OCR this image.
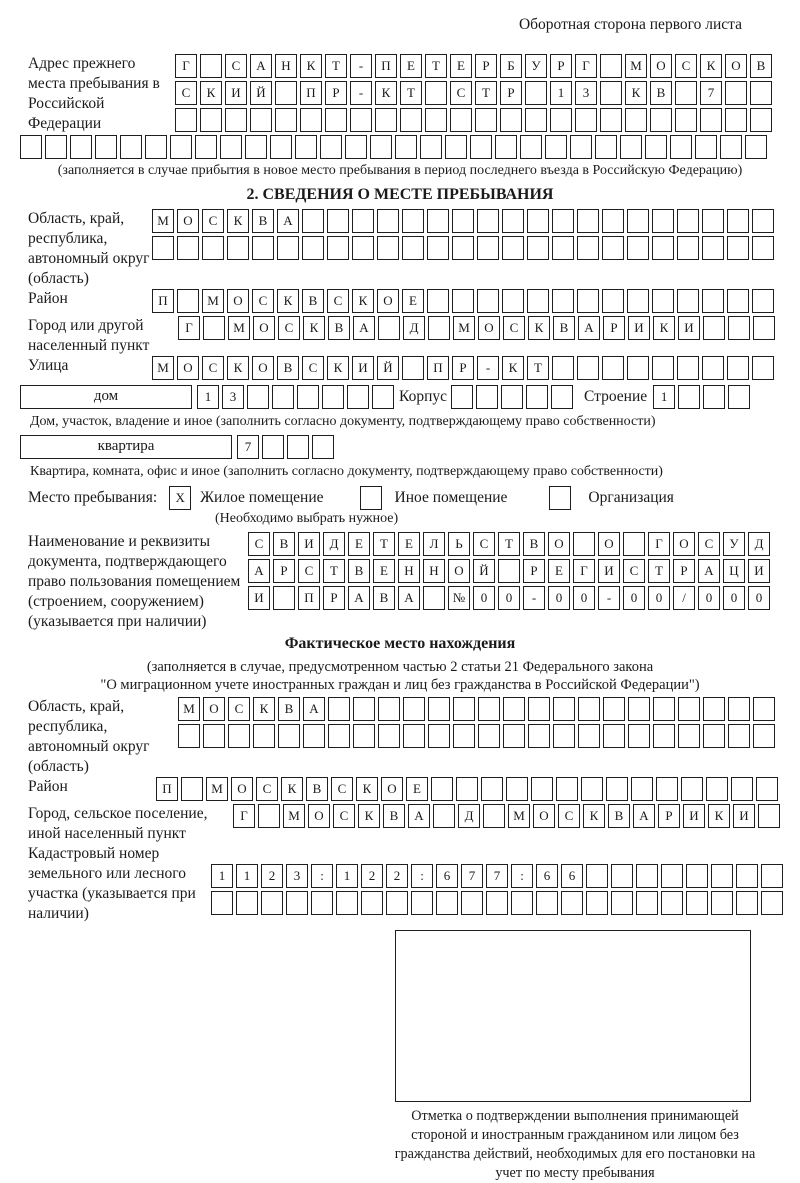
Оборотная сторона первого листа
Адрес прежнего места пребывания в Российской Федерации
Г	С А Н К Т - П Е Т Е Р Б У Р Г	М О С К О В
С К И Й	П Р - К Т	С Т Р	1 3	К В	7
(заполняется в случае прибытия в новое место пребывания в период последнего въезда в Российскую Федерацию)
2. СВЕДЕНИЯ О МЕСТЕ ПРЕБЫВАНИЯ
Область, край, республика, автономный округ (область)
М О С К В А
Район	П	М О С К В С К О Е
Город или другой населенный пункт
Г	М О С К В А	Д	М О С К В А Р И К И
Улица	М О С К О В С К И Й	П Р - К Т
дом	1 3	Корпус	Строение	1
Дом, участок, владение и иное (заполнить согласно документу, подтверждающему право собственности)
квартира	7
Квартира, комната, офис и иное (заполнить согласно документу, подтверждающему право собственности)
Место пребывания:	X Жилое помещение	Иное помещение	Организация
(Необходимо выбрать нужное)
Наименование и реквизиты документа, подтверждающего право пользования помещением (строением, сооружением) (указывается при наличии)
С В И Д Е Т Е Л Ь С Т В О	О	Г О С У Д
А Р С Т В Е Н Н О Й	Р Е Г И С Т Р А Ц И
И	П Р А В А	№ 0 0 - 0 0 - 0 0 / 0 0 0
Фактическое место нахождения
(заполняется в случае, предусмотренном частью 2 статьи 21 Федерального закона
"О миграционном учете иностранных граждан и лиц без гражданства в Российской Федерации")
Область, край, республика, автономный округ (область)
М О С К В А
Район	П	М О С К В С К О Е
Город, сельское поселение, иной населенный пункт
Г	М О С К В А	Д	М О С К В А Р И К И
Кадастровый номер земельного или лесного участка (указывается при наличии)
1 1 2 3 : 1 2 2 : 6 7 7 : 6 6
Отметка о подтверждении выполнения принимающей стороной и иностранным гражданином или лицом без гражданства действий, необходимых для его постановки на учет по месту пребывания
